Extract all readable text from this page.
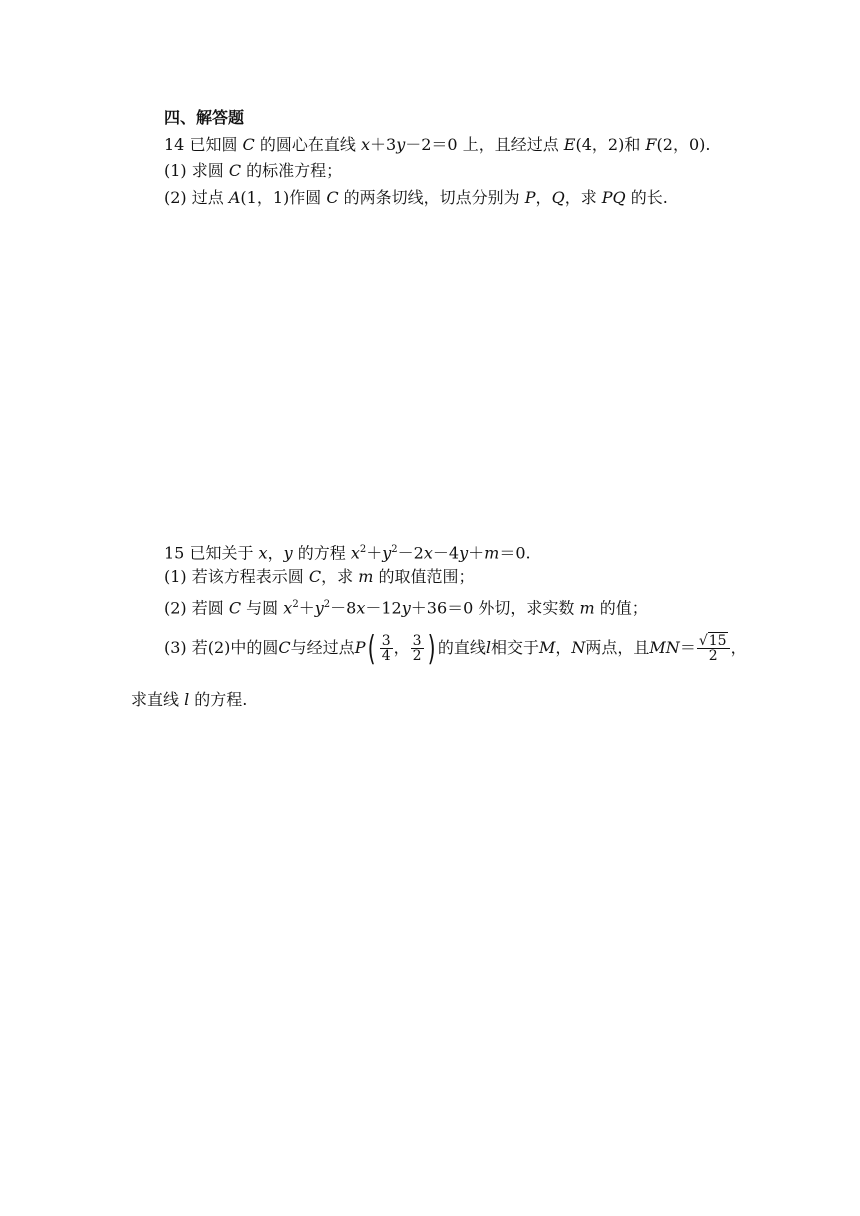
四、解答题
14 已知圆 C 的圆心在直线 x＋3y－2＝0 上，且经过点 E(4，2)和 F(2，0).
(1) 求圆 C 的标准方程；
(2) 过点 A(1，1)作圆 C 的两条切线，切点分别为 P，Q，求 PQ 的长.
15 已知关于 x，y 的方程 $x^2+y^2-2x-4y+m=0$.
(1) 若该方程表示圆 C，求 m 的取值范围；
(2) 若圆 C 与圆 $x^2+y^2-8x-12y+36=0$ 外切，求实数 m 的值；
(3) 若(2)中的圆C与经过点$P( \frac{3}{4}$ ， $\frac{3}{2}$ ) 的直线l相交于M，N两点，且$MN= \frac{√15}{2}$ ，
求直线 l 的方程.
